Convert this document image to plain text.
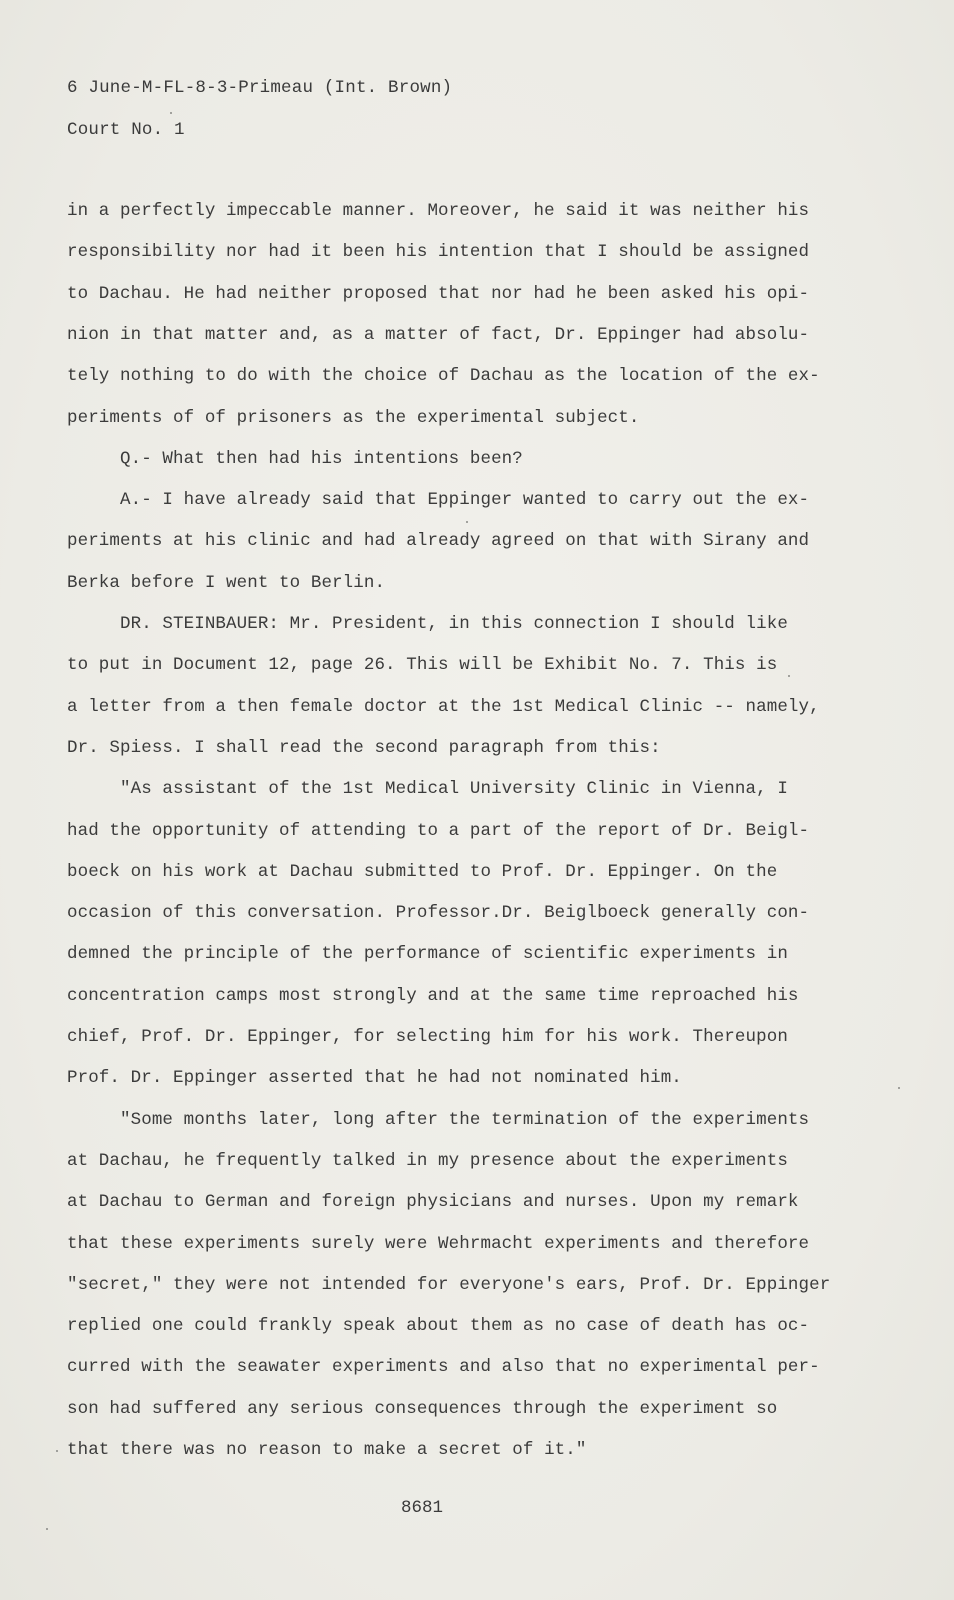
6 June-M-FL-8-3-Primeau (Int. Brown)
Court No. 1
in a perfectly impeccable manner. Moreover, he said it was neither his
responsibility nor had it been his intention that I should be assigned
to Dachau. He had neither proposed that nor had he been asked his opi-
nion in that matter and, as a matter of fact, Dr. Eppinger had absolu-
tely nothing to do with the choice of Dachau as the location of the ex-
periments of of prisoners as the experimental subject.
Q.- What then had his intentions been?
A.- I have already said that Eppinger wanted to carry out the ex-
periments at his clinic and had already agreed on that with Sirany and
Berka before I went to Berlin.
DR. STEINBAUER: Mr. President, in this connection I should like
to put in Document 12, page 26. This will be Exhibit No. 7. This is
a letter from a then female doctor at the 1st Medical Clinic -- namely,
Dr. Spiess. I shall read the second paragraph from this:
"As assistant of the 1st Medical University Clinic in Vienna, I
had the opportunity of attending to a part of the report of Dr. Beigl-
boeck on his work at Dachau submitted to Prof. Dr. Eppinger. On the
occasion of this conversation. Professor.Dr. Beiglboeck generally con-
demned the principle of the performance of scientific experiments in
concentration camps most strongly and at the same time reproached his
chief, Prof. Dr. Eppinger, for selecting him for his work. Thereupon
Prof. Dr. Eppinger asserted that he had not nominated him.
"Some months later, long after the termination of the experiments
at Dachau, he frequently talked in my presence about the experiments
at Dachau to German and foreign physicians and nurses. Upon my remark
that these experiments surely were Wehrmacht experiments and therefore
"secret," they were not intended for everyone's ears, Prof. Dr. Eppinger
replied one could frankly speak about them as no case of death has oc-
curred with the seawater experiments and also that no experimental per-
son had suffered any serious consequences through the experiment so
that there was no reason to make a secret of it."
8681
